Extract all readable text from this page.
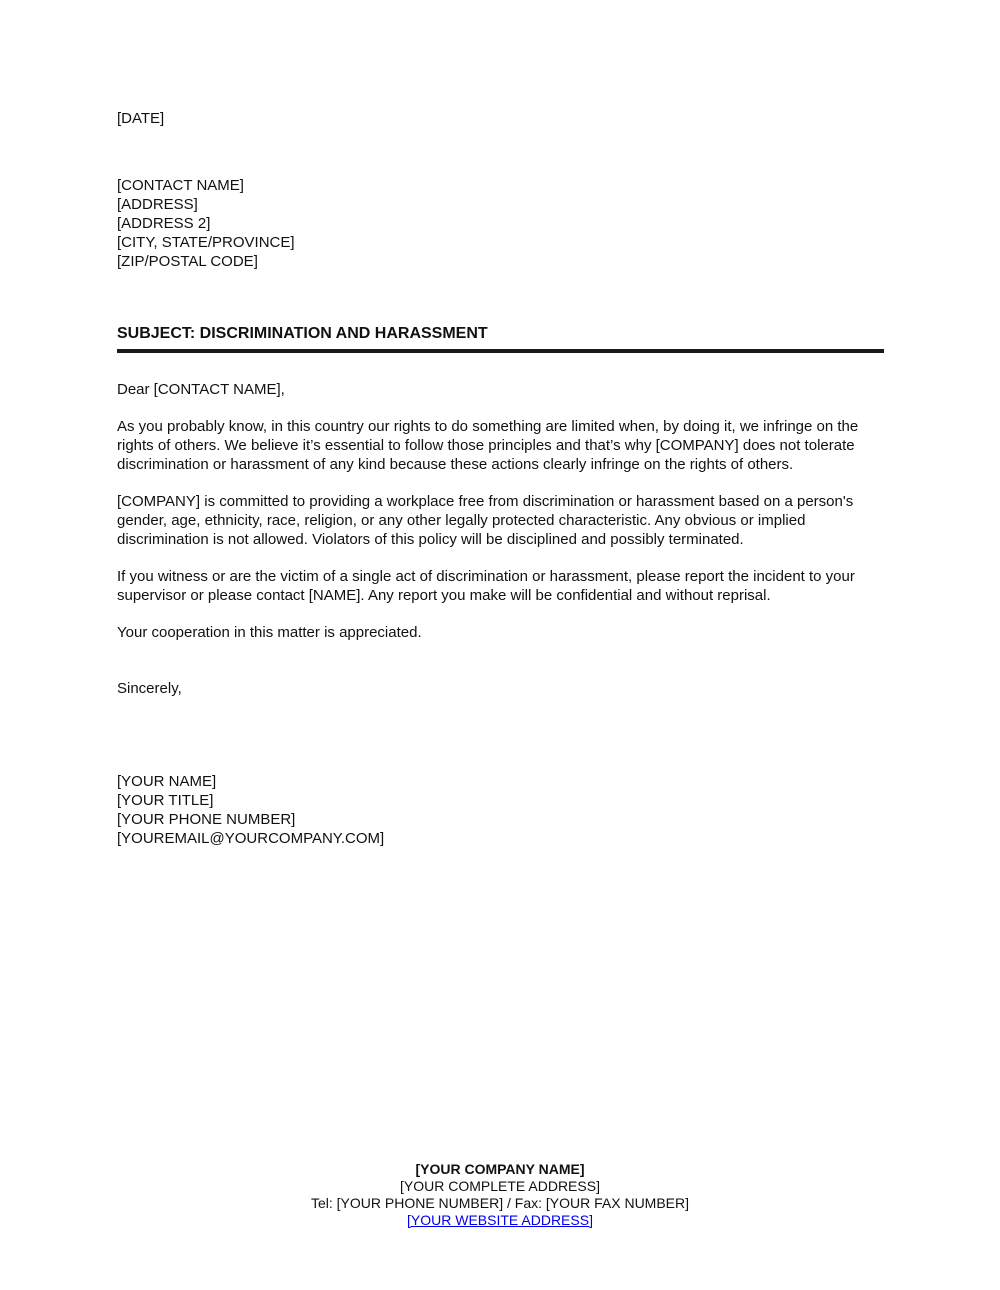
[DATE]
[CONTACT NAME]
[ADDRESS]
[ADDRESS 2]
[CITY, STATE/PROVINCE]
[ZIP/POSTAL CODE]
SUBJECT: DISCRIMINATION AND HARASSMENT
Dear [CONTACT NAME],
As you probably know, in this country our rights to do something are limited when, by doing it, we infringe on the rights of others. We believe it’s essential to follow those principles and that’s why [COMPANY] does not tolerate discrimination or harassment of any kind because these actions clearly infringe on the rights of others.
[COMPANY] is committed to providing a workplace free from discrimination or harassment based on a person's gender, age, ethnicity, race, religion, or any other legally protected characteristic. Any obvious or implied discrimination is not allowed. Violators of this policy will be disciplined and possibly terminated.
If you witness or are the victim of a single act of discrimination or harassment, please report the incident to your supervisor or please contact [NAME]. Any report you make will be confidential and without reprisal.
Your cooperation in this matter is appreciated.
Sincerely,
[YOUR NAME]
[YOUR TITLE]
[YOUR PHONE NUMBER]
[YOUREMAIL@YOURCOMPANY.COM]
[YOUR COMPANY NAME]
[YOUR COMPLETE ADDRESS]
Tel: [YOUR PHONE NUMBER] / Fax: [YOUR FAX NUMBER]
[YOUR WEBSITE ADDRESS]
